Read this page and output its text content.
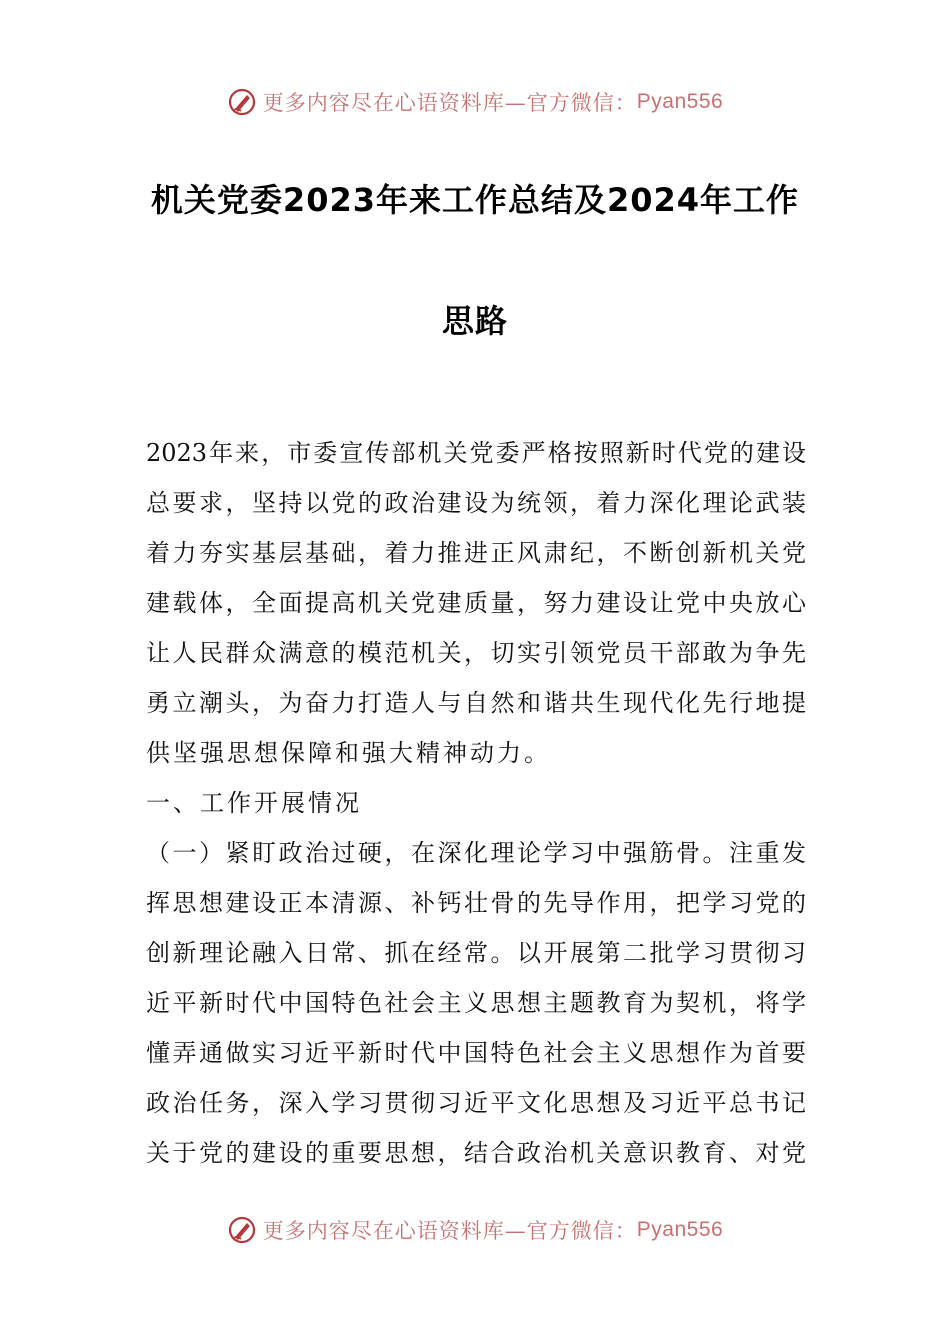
更多内容尽在心语资料库—官方微信： Pyan556
机关党委2023年来工作总结及2024年工作
思路
2023年来，市委宣传部机关党委严格按照新时代党的建设
总要求，坚持以党的政治建设为统领，着力深化理论武装
着力夯实基层基础，着力推进正风肃纪，不断创新机关党
建载体，全面提高机关党建质量，努力建设让党中央放心
让人民群众满意的模范机关，切实引领党员干部敢为争先
勇立潮头，为奋力打造人与自然和谐共生现代化先行地提
供坚强思想保障和强大精神动力。
一、工作开展情况
（一）紧盯政治过硬，在深化理论学习中强筋骨。注重发
挥思想建设正本清源、补钙壮骨的先导作用，把学习党的
创新理论融入日常、抓在经常。以开展第二批学习贯彻习
近平新时代中国特色社会主义思想主题教育为契机，将学
懂弄通做实习近平新时代中国特色社会主义思想作为首要
政治任务，深入学习贯彻习近平文化思想及习近平总书记
关于党的建设的重要思想，结合政治机关意识教育、对党
更多内容尽在心语资料库—官方微信： Pyan556
